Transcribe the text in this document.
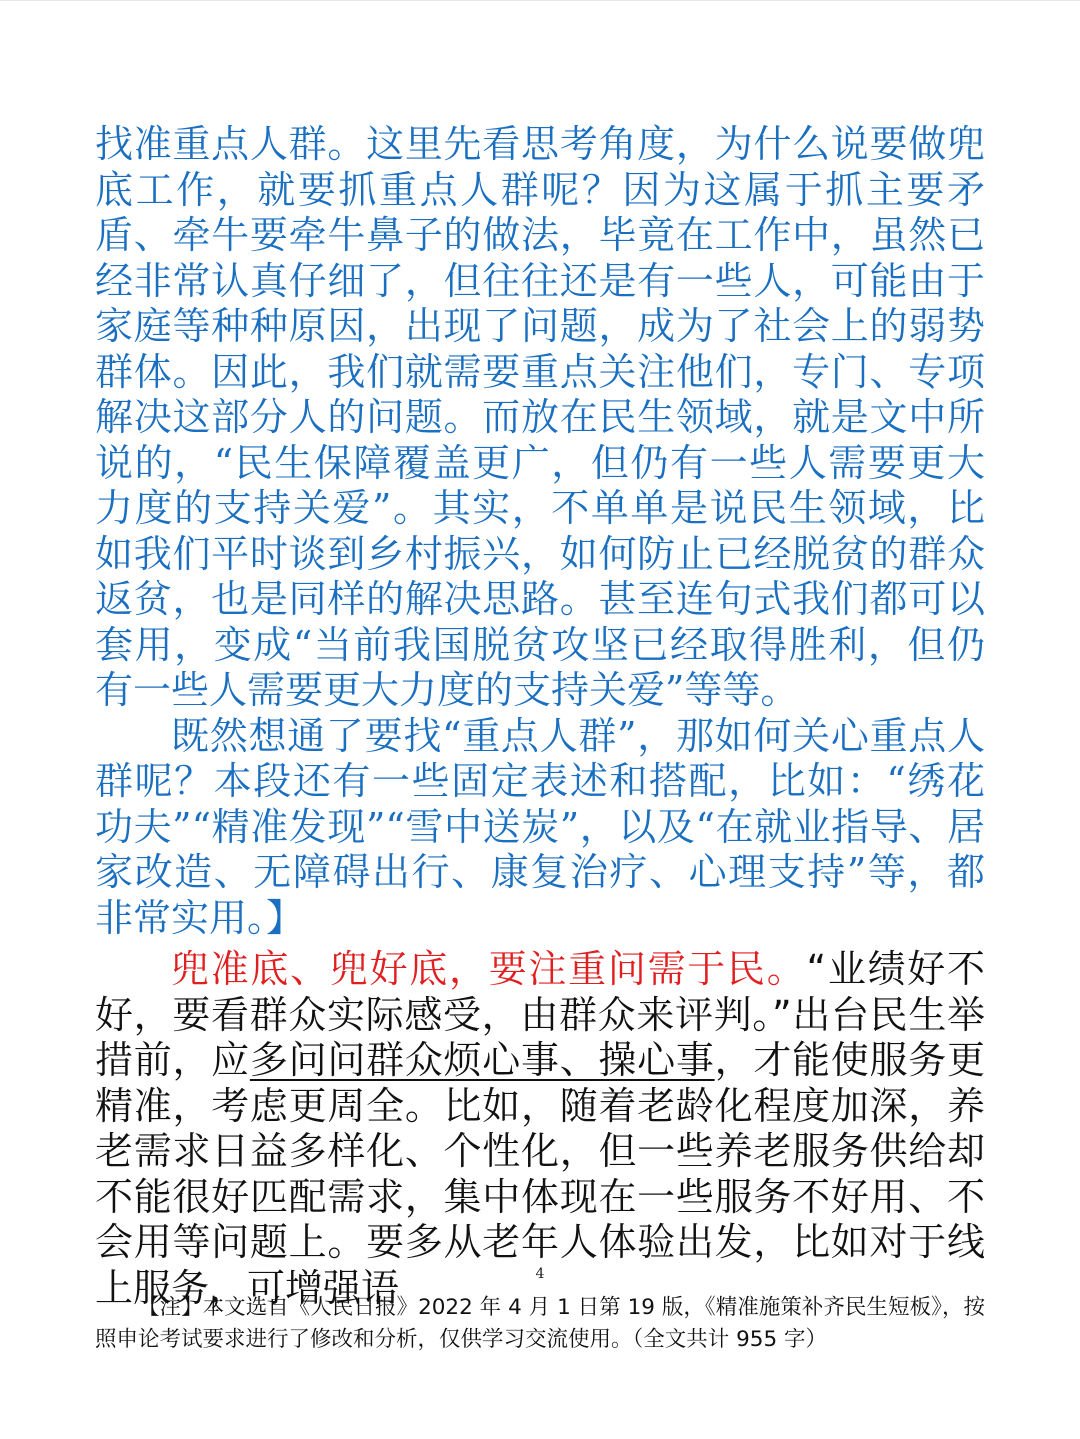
找准重点人群。这里先看思考角度，为什么说要做兜底工作，就要抓重点人群呢？因为这属于抓主要矛盾、牵牛要牵牛鼻子的做法，毕竟在工作中，虽然已经非常认真仔细了，但往往还是有一些人，可能由于家庭等种种原因，出现了问题，成为了社会上的弱势群体。因此，我们就需要重点关注他们，专门、专项解决这部分人的问题。而放在民生领域，就是文中所说的，“民生保障覆盖更广，但仍有一些人需要更大力度的支持关爱”。其实，不单单是说民生领域，比如我们平时谈到乡村振兴，如何防止已经脱贫的群众返贫，也是同样的解决思路。甚至连句式我们都可以套用，变成“当前我国脱贫攻坚已经取得胜利，但仍有一些人需要更大力度的支持关爱”等等。

既然想通了要找“重点人群”，那如何关心重点人群呢？本段还有一些固定表述和搭配，比如：“绣花功夫”“精准发现”“雪中送炭”，以及“在就业指导、居家改造、无障碍出行、康复治疗、心理支持”等，都非常实用。】

兜准底、兜好底，要注重问需于民。“业绩好不好，要看群众实际感受，由群众来评判。”出台民生举措前，应多问问群众烦心事、操心事，才能使服务更精准，考虑更周全。比如，随着老龄化程度加深，养老需求日益多样化、个性化，但一些养老服务供给却不能很好匹配需求，集中体现在一些服务不好用、不会用等问题上。要多从老年人体验出发，比如对于线上服务，可增强语	4
【注】本文选自《人民日报》2022 年 4 月 1 日第 19 版，《精准施策补齐民生短板》，按照申论考试要求进行了修改和分析，仅供学习交流使用。（全文共计 955 字）
